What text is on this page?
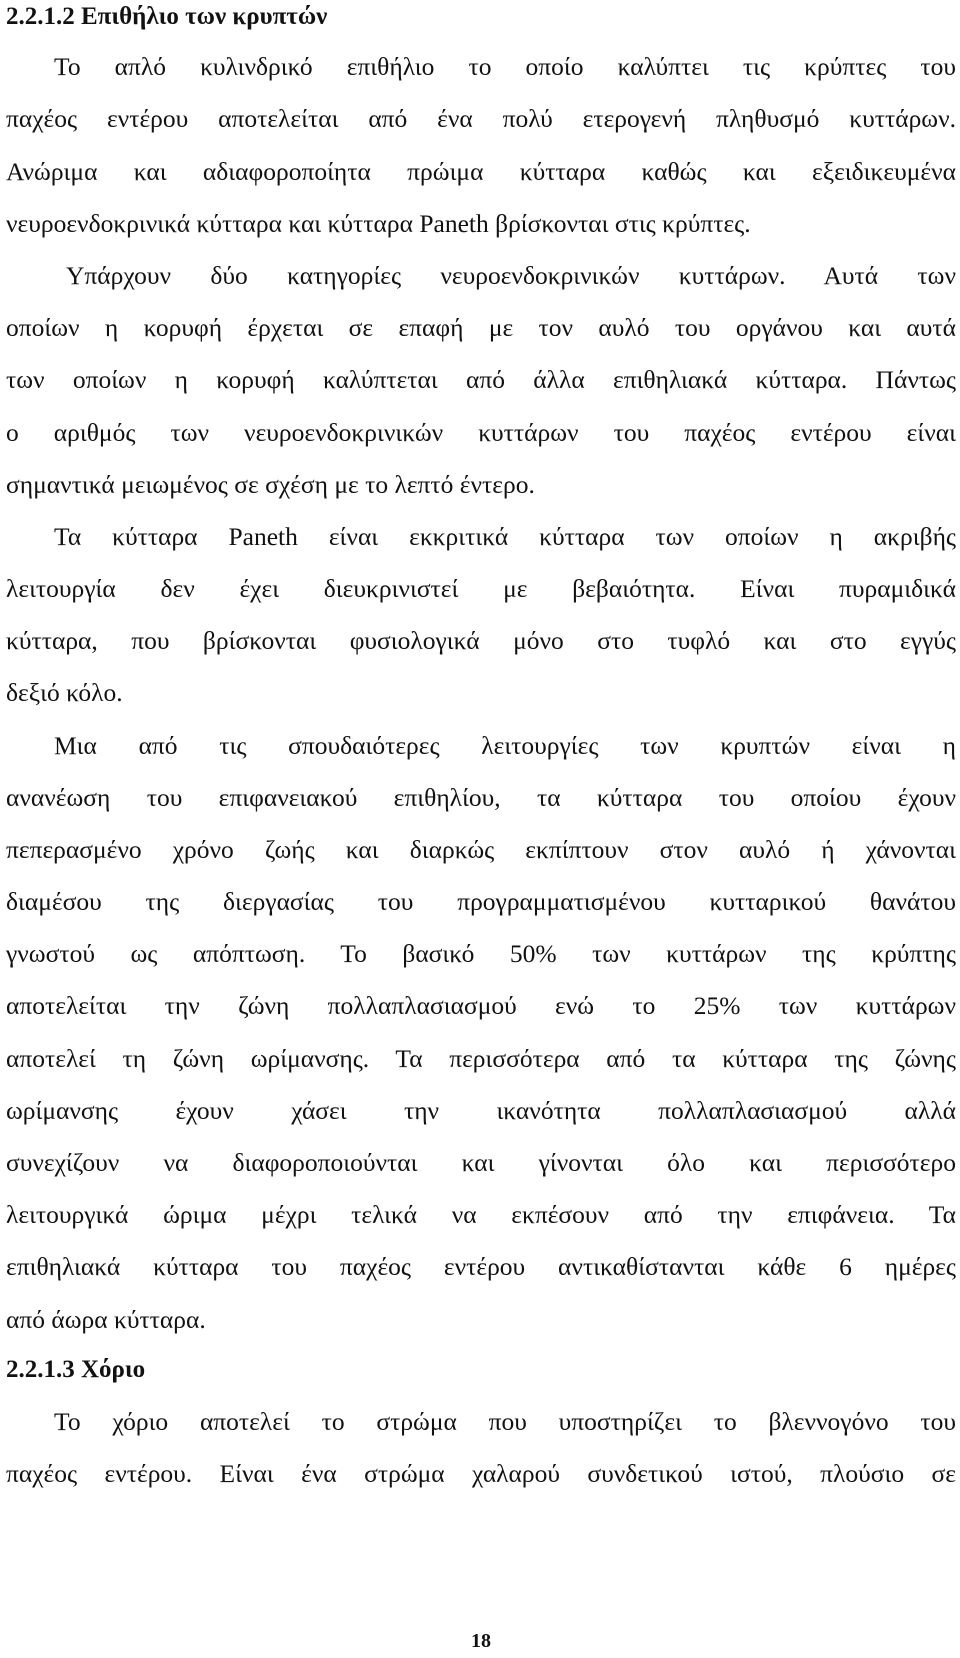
2.2.1.2 Επιθήλιο των κρυπτών
Το απλό κυλινδρικό επιθήλιο το οποίο καλύπτει τις κρύπτες του
παχέος εντέρου αποτελείται από ένα πολύ ετερογενή πληθυσμό κυττάρων.
Ανώριμα και αδιαφοροποίητα πρώιμα κύτταρα καθώς και εξειδικευμένα
νευροενδοκρινικά κύτταρα και κύτταρα Paneth βρίσκονται στις κρύπτες.
Υπάρχουν δύο κατηγορίες νευροενδοκρινικών κυττάρων. Αυτά των
οποίων η κορυφή έρχεται σε επαφή με τον αυλό του οργάνου και αυτά
των οποίων η κορυφή καλύπτεται από άλλα επιθηλιακά κύτταρα. Πάντως
ο αριθμός των νευροενδοκρινικών κυττάρων του παχέος εντέρου είναι
σημαντικά μειωμένος σε σχέση με το λεπτό έντερο.
Τα κύτταρα Paneth είναι εκκριτικά κύτταρα των οποίων η ακριβής
λειτουργία δεν έχει διευκρινιστεί με βεβαιότητα. Είναι πυραμιδικά
κύτταρα, που βρίσκονται φυσιολογικά μόνο στο τυφλό και στο εγγύς
δεξιό κόλο.
Μια από τις σπουδαιότερες λειτουργίες των κρυπτών είναι η
ανανέωση του επιφανειακού επιθηλίου, τα κύτταρα του οποίου έχουν
πεπερασμένο χρόνο ζωής και διαρκώς εκπίπτουν στον αυλό ή χάνονται
διαμέσου της διεργασίας του προγραμματισμένου κυτταρικού θανάτου
γνωστού ως απόπτωση. Το βασικό 50% των κυττάρων της κρύπτης
αποτελείται την ζώνη πολλαπλασιασμού ενώ το 25% των κυττάρων
αποτελεί τη ζώνη ωρίμανσης. Τα περισσότερα από τα κύτταρα της ζώνης
ωρίμανσης έχουν χάσει την ικανότητα πολλαπλασιασμού αλλά
συνεχίζουν να διαφοροποιούνται και γίνονται όλο και περισσότερο
λειτουργικά ώριμα μέχρι τελικά να εκπέσουν από την επιφάνεια. Τα
επιθηλιακά κύτταρα του παχέος εντέρου αντικαθίστανται κάθε 6 ημέρες
από άωρα κύτταρα.
2.2.1.3 Χόριο
Το χόριο αποτελεί το στρώμα που υποστηρίζει το βλεννογόνο του
παχέος εντέρου. Είναι ένα στρώμα χαλαρού συνδετικού ιστού, πλούσιο σε
18
